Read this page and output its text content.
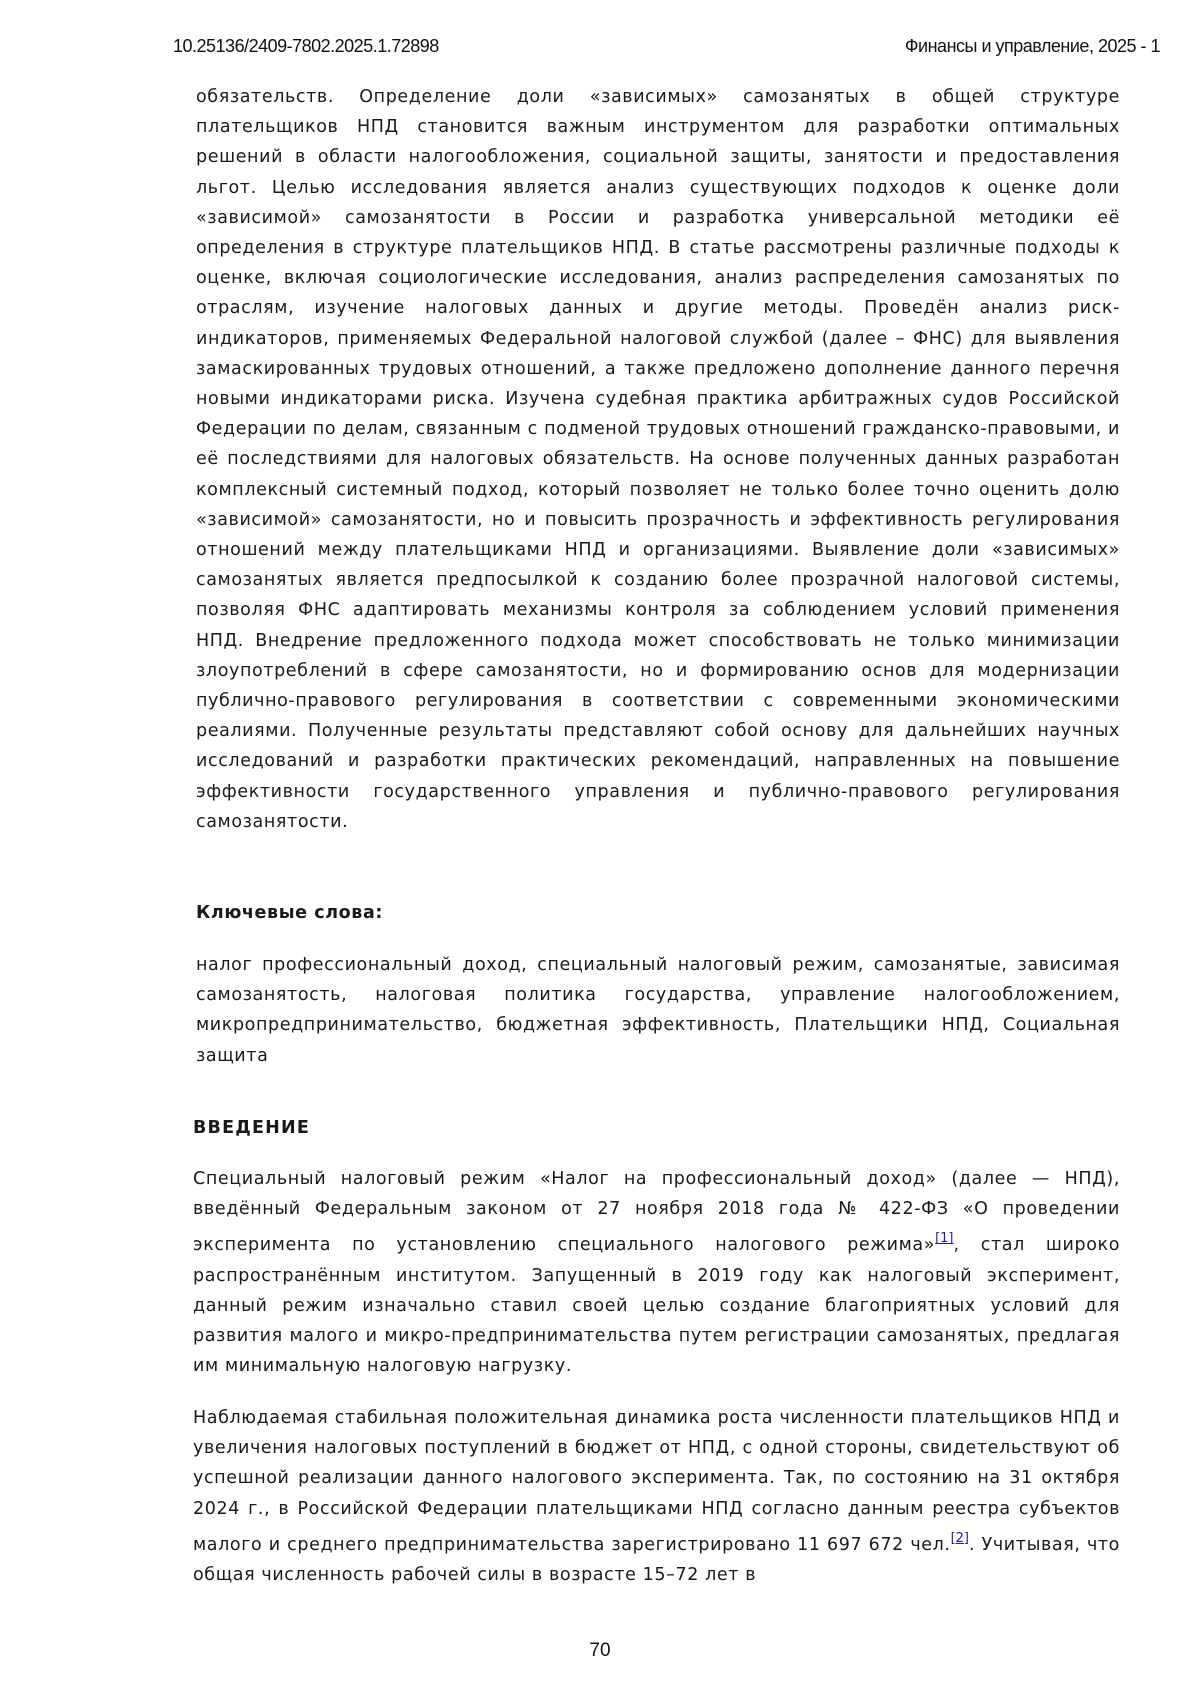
10.25136/2409-7802.2025.1.72898	Финансы и управление, 2025 - 1
обязательств. Определение доли «зависимых» самозанятых в общей структуре плательщиков НПД становится важным инструментом для разработки оптимальных решений в области налогообложения, социальной защиты, занятости и предоставления льгот. Целью исследования является анализ существующих подходов к оценке доли «зависимой» самозанятости в России и разработка универсальной методики её определения в структуре плательщиков НПД. В статье рассмотрены различные подходы к оценке, включая социологические исследования, анализ распределения самозанятых по отраслям, изучение налоговых данных и другие методы. Проведён анализ риск-индикаторов, применяемых Федеральной налоговой службой (далее – ФНС) для выявления замаскированных трудовых отношений, а также предложено дополнение данного перечня новыми индикаторами риска. Изучена судебная практика арбитражных судов Российской Федерации по делам, связанным с подменой трудовых отношений гражданско-правовыми, и её последствиями для налоговых обязательств. На основе полученных данных разработан комплексный системный подход, который позволяет не только более точно оценить долю «зависимой» самозанятости, но и повысить прозрачность и эффективность регулирования отношений между плательщиками НПД и организациями. Выявление доли «зависимых» самозанятых является предпосылкой к созданию более прозрачной налоговой системы, позволяя ФНС адаптировать механизмы контроля за соблюдением условий применения НПД. Внедрение предложенного подхода может способствовать не только минимизации злоупотреблений в сфере самозанятости, но и формированию основ для модернизации публично-правового регулирования в соответствии с современными экономическими реалиями. Полученные результаты представляют собой основу для дальнейших научных исследований и разработки практических рекомендаций, направленных на повышение эффективности государственного управления и публично-правового регулирования самозанятости.
Ключевые слова:
налог профессиональный доход, специальный налоговый режим, самозанятые, зависимая самозанятость, налоговая политика государства, управление налогообложением, микропредпринимательство, бюджетная эффективность, Плательщики НПД, Социальная защита
ВВЕДЕНИЕ
Специальный налоговый режим «Налог на профессиональный доход» (далее — НПД), введённый Федеральным законом от 27 ноября 2018 года № 422-ФЗ «О проведении эксперимента по установлению специального налогового режима»[1], стал широко распространённым институтом. Запущенный в 2019 году как налоговый эксперимент, данный режим изначально ставил своей целью создание благоприятных условий для развития малого и микро-предпринимательства путем регистрации самозанятых, предлагая им минимальную налоговую нагрузку.
Наблюдаемая стабильная положительная динамика роста численности плательщиков НПД и увеличения налоговых поступлений в бюджет от НПД, с одной стороны, свидетельствуют об успешной реализации данного налогового эксперимента. Так, по состоянию на 31 октября 2024 г., в Российской Федерации плательщиками НПД согласно данным реестра субъектов малого и среднего предпринимательства зарегистрировано 11 697 672 чел.[2]. Учитывая, что общая численность рабочей силы в возрасте 15–72 лет в
70
